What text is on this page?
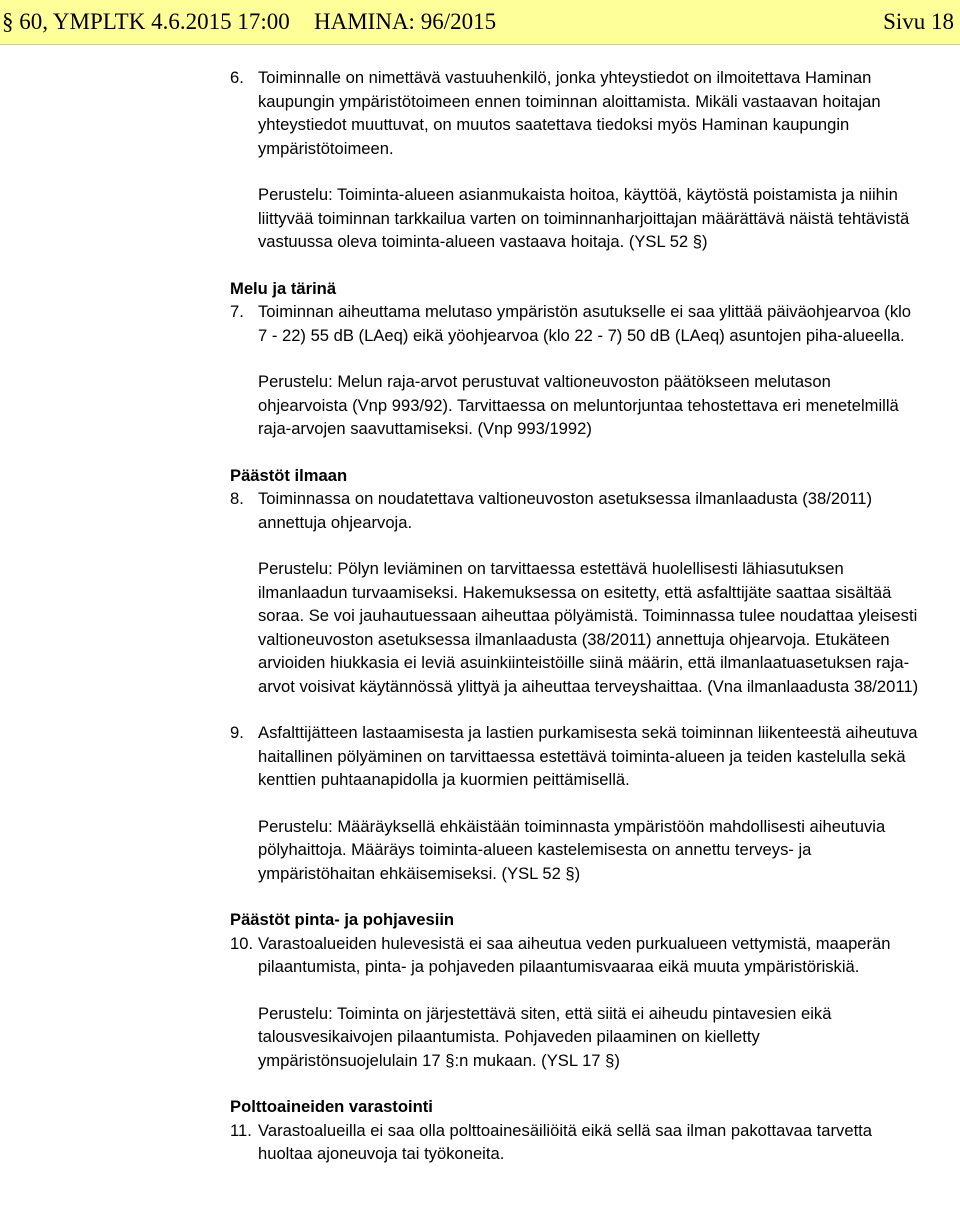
§ 60, YMPLTK 4.6.2015 17:00 HAMINA: 96/2015	Sivu 18

6. Toiminnalle on nimettävä vastuuhenkilö, jonka yhteystiedot on ilmoitettava Haminan kaupungin ympäristötoimeen ennen toiminnan aloittamista. Mikäli vastaavan hoitajan yhteystiedot muuttuvat, on muutos saatettava tiedoksi myös Haminan kaupungin ympäristötoimeen.

Perustelu: Toiminta-alueen asianmukaista hoitoa, käyttöä, käytöstä poistamista ja niihin liittyvää toiminnan tarkkailua varten on toiminnanharjoittajan määrättävä näistä tehtävistä vastuussa oleva toiminta-alueen vastaava hoitaja. (YSL 52 §)

Melu ja tärinä

7. Toiminnan aiheuttama melutaso ympäristön asutukselle ei saa ylittää päiväohjearvoa (klo 7 - 22) 55 dB (LAeq) eikä yöohjearvoa (klo 22 - 7) 50 dB (LAeq) asuntojen piha-alueella.

Perustelu: Melun raja-arvot perustuvat valtioneuvoston päätökseen melutason ohjearvoista (Vnp 993/92). Tarvittaessa on meluntorjuntaa tehostettava eri menetelmillä raja-arvojen saavuttamiseksi. (Vnp 993/1992)

Päästöt ilmaan

8. Toiminnassa on noudatettava valtioneuvoston asetuksessa ilmanlaadusta (38/2011) annettuja ohjearvoja.

Perustelu: Pölyn leviäminen on tarvittaessa estettävä huolellisesti lähiasutuksen ilmanlaadun turvaamiseksi. Hakemuksessa on esitetty, että asfalttijäte saattaa sisältää soraa. Se voi jauhautuessaan aiheuttaa pölyämistä. Toiminnassa tulee noudattaa yleisesti valtioneuvoston asetuksessa ilmanlaadusta (38/2011) annettuja ohjearvoja. Etukäteen arvioiden hiukkasia ei leviä asuinkiinteistöille siinä määrin, että ilmanlaatuasetuksen raja-arvot voisivat käytännössä ylittyä ja aiheuttaa terveyshaittaa. (Vna ilmanlaadusta 38/2011)

9. Asfalttijätteen lastaamisesta ja lastien purkamisesta sekä toiminnan liikenteestä aiheutuva haitallinen pölyäminen on tarvittaessa estettävä toiminta-alueen ja teiden kastelulla sekä kenttien puhtaanapidolla ja kuormien peittämisellä.

Perustelu: Määräyksellä ehkäistään toiminnasta ympäristöön mahdollisesti aiheutuvia pölyhaittoja. Määräys toiminta-alueen kastelemisesta on annettu terveys- ja ympäristöhaitan ehkäisemiseksi. (YSL 52 §)

Päästöt pinta- ja pohjavesiin

10. Varastoalueiden hulevesistä ei saa aiheutua veden purkualueen vettymistä, maaperän pilaantumista, pinta- ja pohjaveden pilaantumisvaaraa eikä muuta ympäristöriskiä.

Perustelu: Toiminta on järjestettävä siten, että siitä ei aiheudu pintavesien eikä talousvesikaivojen pilaantumista. Pohjaveden pilaaminen on kielletty ympäristönsuojelulain 17 §:n mukaan. (YSL 17 §)

Polttoaineiden varastointi

11. Varastoalueilla ei saa olla polttoainesäiliöitä eikä sellä saa ilman pakottavaa tarvetta huoltaa ajoneuvoja tai työkoneita.
